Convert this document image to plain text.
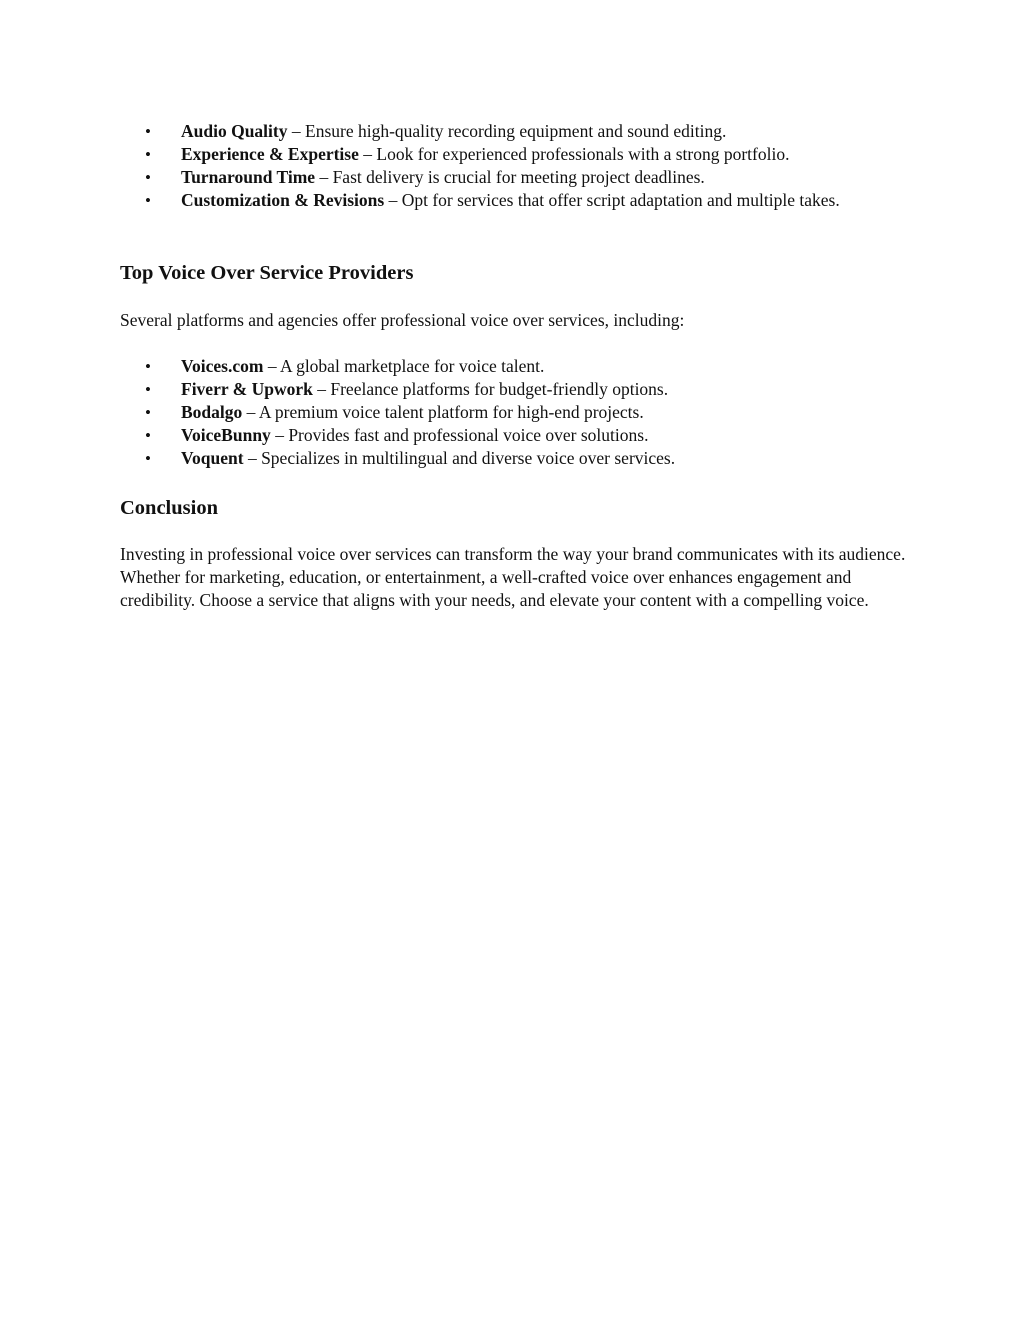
• Audio Quality – Ensure high-quality recording equipment and sound editing.
• Experience & Expertise – Look for experienced professionals with a strong portfolio.
• Turnaround Time – Fast delivery is crucial for meeting project deadlines.
• Customization & Revisions – Opt for services that offer script adaptation and multiple takes.
Top Voice Over Service Providers

Several platforms and agencies offer professional voice over services, including:

• Voices.com – A global marketplace for voice talent.
• Fiverr & Upwork – Freelance platforms for budget-friendly options.
• Bodalgo – A premium voice talent platform for high-end projects.
• VoiceBunny – Provides fast and professional voice over solutions.
• Voquent – Specializes in multilingual and diverse voice over services.
Conclusion

Investing in professional voice over services can transform the way your brand communicates with its audience. Whether for marketing, education, or entertainment, a well-crafted voice over enhances engagement and credibility. Choose a service that aligns with your needs, and elevate your content with a compelling voice.
